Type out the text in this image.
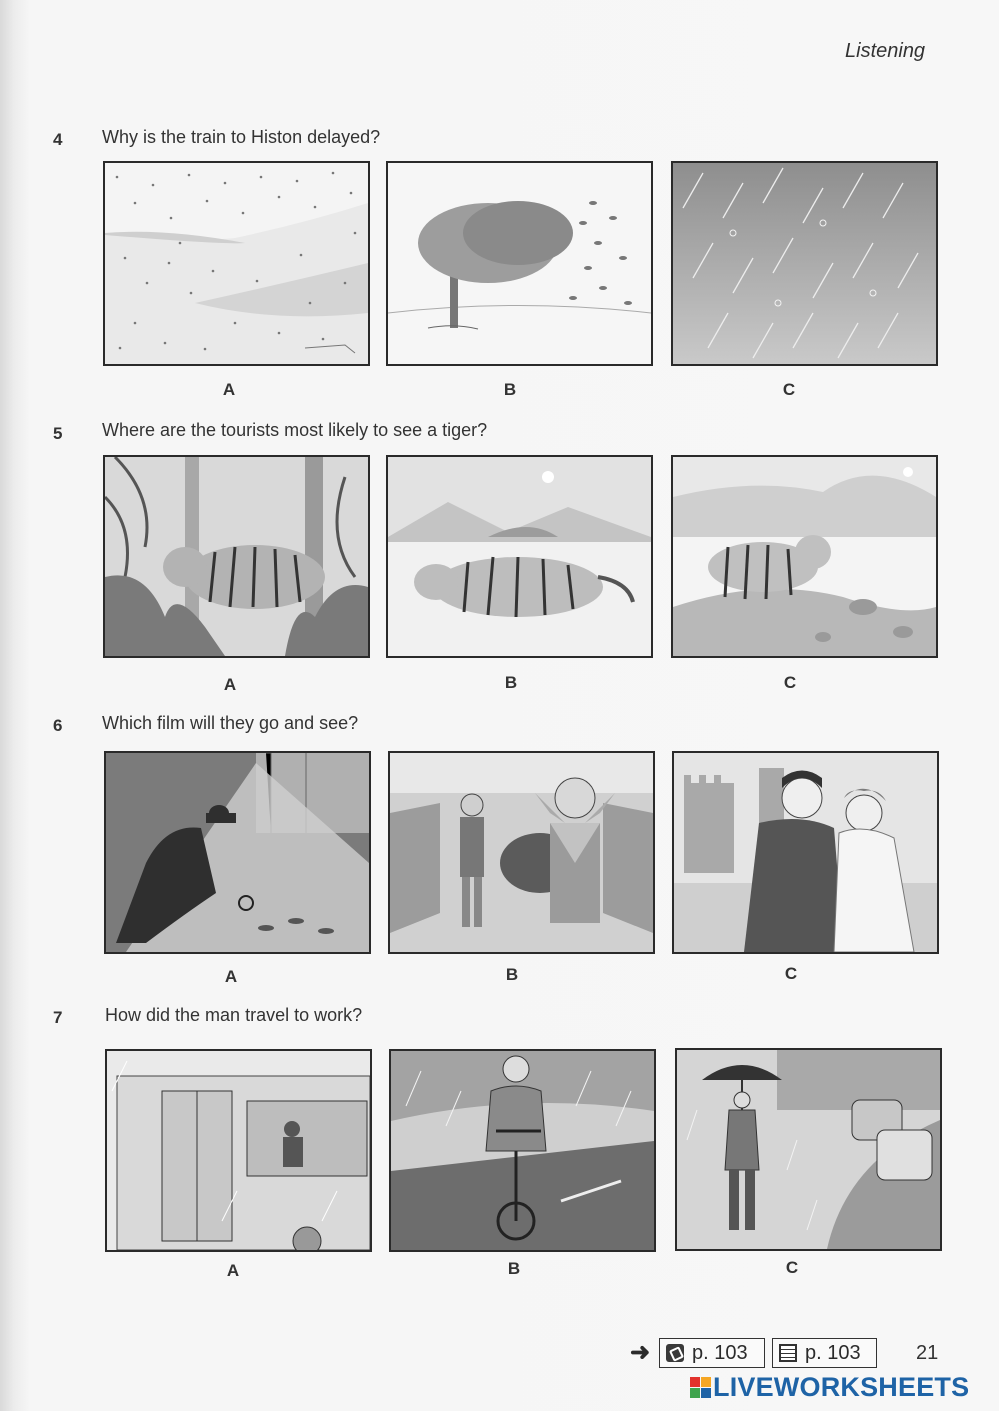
Listening
4 Why is the train to Histon delayed?
A	B	C
5 Where are the tourists most likely to see a tiger?
A	B	C
6 Which film will they go and see?
A	B	C
7 How did the man travel to work?
A	B	C
➜ p. 103	p. 103	21
LIVEWORKSHEETS
